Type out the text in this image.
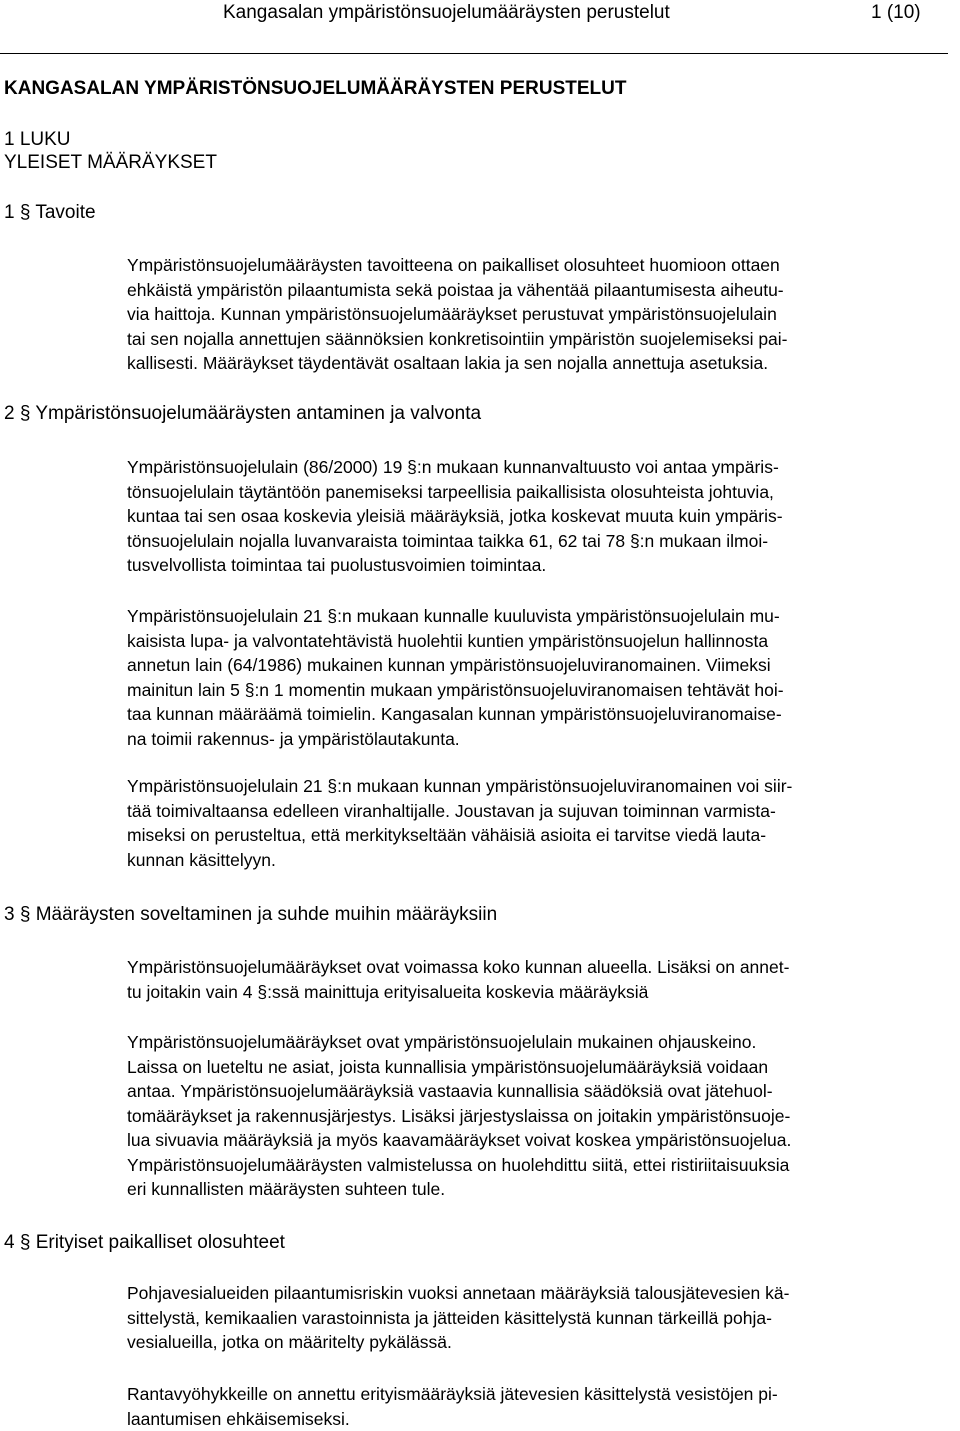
Kangasalan ympäristönsuojelumääräysten perustelut	1 (10)
KANGASALAN YMPÄRISTÖNSUOJELUMÄÄRÄYSTEN PERUSTELUT
1 LUKU
YLEISET MÄÄRÄYKSET
1 § Tavoite
Ympäristönsuojelumääräysten tavoitteena on paikalliset olosuhteet huomioon ottaen
ehkäistä ympäristön pilaantumista sekä poistaa ja vähentää pilaantumisesta aiheutu-
via haittoja. Kunnan ympäristönsuojelumääräykset perustuvat ympäristönsuojelulain
tai sen nojalla annettujen säännöksien konkretisointiin ympäristön suojelemiseksi pai-
kallisesti. Määräykset täydentävät osaltaan lakia ja sen nojalla annettuja asetuksia.
2 § Ympäristönsuojelumääräysten antaminen ja valvonta
Ympäristönsuojelulain (86/2000) 19 §:n mukaan kunnanvaltuusto voi antaa ympäris-
tönsuojelulain täytäntöön panemiseksi tarpeellisia paikallisista olosuhteista johtuvia,
kuntaa tai sen osaa koskevia yleisiä määräyksiä, jotka koskevat muuta kuin ympäris-
tönsuojelulain nojalla luvanvaraista toimintaa taikka 61, 62 tai 78 §:n mukaan ilmoi-
tusvelvollista toimintaa tai puolustusvoimien toimintaa.
Ympäristönsuojelulain 21 §:n mukaan kunnalle kuuluvista ympäristönsuojelulain mu-
kaisista lupa- ja valvontatehtävistä huolehtii kuntien ympäristönsuojelun hallinnosta
annetun lain (64/1986) mukainen kunnan ympäristönsuojeluviranomainen. Viimeksi
mainitun lain 5 §:n 1 momentin mukaan ympäristönsuojeluviranomaisen tehtävät hoi-
taa kunnan määräämä toimielin. Kangasalan kunnan ympäristönsuojeluviranomaise-
na toimii rakennus- ja ympäristölautakunta.
Ympäristönsuojelulain 21 §:n mukaan kunnan ympäristönsuojeluviranomainen voi siir-
tää toimivaltaansa edelleen viranhaltijalle. Joustavan ja sujuvan toiminnan varmista-
miseksi on perusteltua, että merkitykseltään vähäisiä asioita ei tarvitse viedä lauta-
kunnan käsittelyyn.
3 § Määräysten soveltaminen ja suhde muihin määräyksiin
Ympäristönsuojelumääräykset ovat voimassa koko kunnan alueella. Lisäksi on annet-
tu joitakin vain 4 §:ssä mainittuja erityisalueita koskevia määräyksiä
Ympäristönsuojelumääräykset ovat ympäristönsuojelulain mukainen ohjauskeino.
Laissa on lueteltu ne asiat, joista kunnallisia ympäristönsuojelumääräyksiä voidaan
antaa. Ympäristönsuojelumääräyksiä vastaavia kunnallisia säädöksiä ovat jätehuol-
tomääräykset ja rakennusjärjestys. Lisäksi järjestyslaissa on joitakin ympäristönsuoje-
lua sivuavia määräyksiä ja myös kaavamääräykset voivat koskea ympäristönsuojelua.
Ympäristönsuojelumääräysten valmistelussa on huolehdittu siitä, ettei ristiriitaisuuksia
eri kunnallisten määräysten suhteen tule.
4 § Erityiset paikalliset olosuhteet
Pohjavesialueiden pilaantumisriskin vuoksi annetaan määräyksiä talousjätevesien kä-
sittelystä, kemikaalien varastoinnista ja jätteiden käsittelystä kunnan tärkeillä pohja-
vesialueilla, jotka on määritelty pykälässä.
Rantavyöhykkeille on annettu erityismääräyksiä jätevesien käsittelystä vesistöjen pi-
laantumisen ehkäisemiseksi.
